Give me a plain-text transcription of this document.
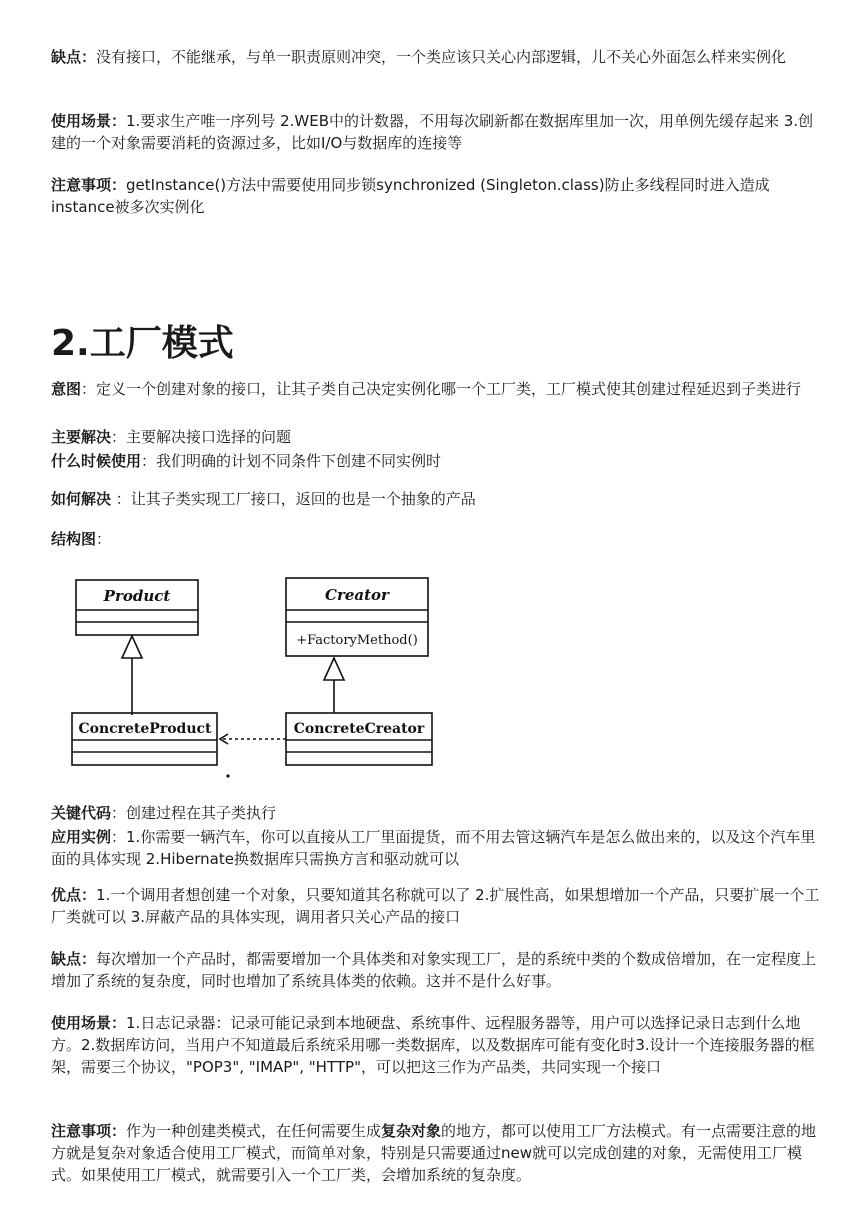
缺点：没有接口，不能继承，与单一职责原则冲突，一个类应该只关心内部逻辑，儿不关心外面怎么样来实例化

使用场景：1.要求生产唯一序列号 2.WEB中的计数器，不用每次刷新都在数据库里加一次，用单例先缓存起来 3.创建的一个对象需要消耗的资源过多，比如I/O与数据库的连接等

注意事项：getInstance()方法中需要使用同步锁synchronized (Singleton.class)防止多线程同时进入造成instance被多次实例化

2.工厂模式

意图：定义一个创建对象的接口，让其子类自己决定实例化哪一个工厂类，工厂模式使其创建过程延迟到子类进行

主要解决：主要解决接口选择的问题

什么时候使用：我们明确的计划不同条件下创建不同实例时

如何解决 ：让其子类实现工厂接口，返回的也是一个抽象的产品

结构图：

关键代码：创建过程在其子类执行

应用实例：1.你需要一辆汽车，你可以直接从工厂里面提货，而不用去管这辆汽车是怎么做出来的，以及这个汽车里面的具体实现 2.Hibernate换数据库只需换方言和驱动就可以

优点：1.一个调用者想创建一个对象，只要知道其名称就可以了 2.扩展性高，如果想增加一个产品，只要扩展一个工厂类就可以 3.屏蔽产品的具体实现，调用者只关心产品的接口

缺点：每次增加一个产品时，都需要增加一个具体类和对象实现工厂，是的系统中类的个数成倍增加，在一定程度上增加了系统的复杂度，同时也增加了系统具体类的依赖。这并不是什么好事。

使用场景：1.日志记录器：记录可能记录到本地硬盘、系统事件、远程服务器等，用户可以选择记录日志到什么地方。2.数据库访问，当用户不知道最后系统采用哪一类数据库，以及数据库可能有变化时3.设计一个连接服务器的框架，需要三个协议，"POP3", "IMAP", "HTTP"，可以把这三作为产品类，共同实现一个接口

注意事项：作为一种创建类模式，在任何需要生成复杂对象的地方，都可以使用工厂方法模式。有一点需要注意的地方就是复杂对象适合使用工厂模式，而简单对象，特别是只需要通过new就可以完成创建的对象，无需使用工厂模式。如果使用工厂模式，就需要引入一个工厂类，会增加系统的复杂度。

Product	Creator
+FactoryMethod()
ConcreteProduct	ConcreteCreator
